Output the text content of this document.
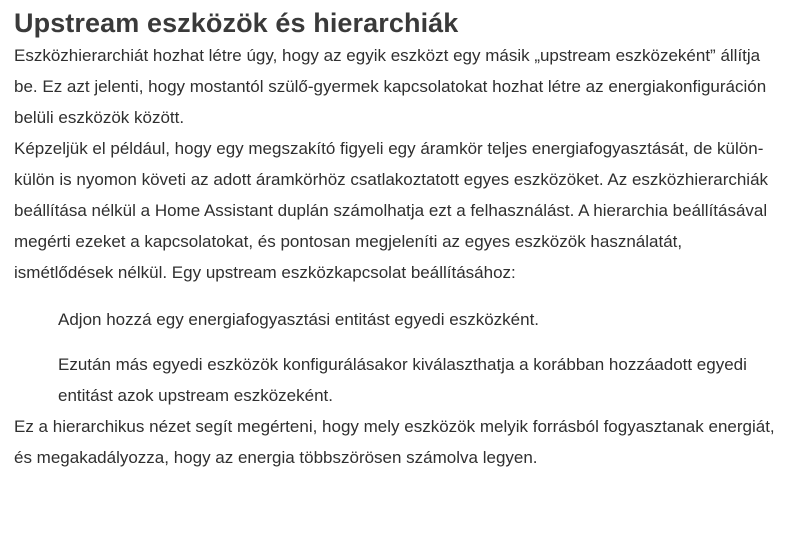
Upstream eszközök és hierarchiák

Eszközhierarchiát hozhat létre úgy, hogy az egyik eszközt egy másik „upstream eszközeként” állítja be. Ez azt jelenti, hogy mostantól szülő-gyermek kapcsolatokat hozhat létre az energiakonfiguráción belüli eszközök között.

Képzeljük el például, hogy egy megszakító figyeli egy áramkör teljes energiafogyasztását, de külön-külön is nyomon követi az adott áramkörhöz csatlakoztatott egyes eszközöket. Az eszközhierarchiák beállítása nélkül a Home Assistant duplán számolhatja ezt a felhasználást. A hierarchia beállításával megérti ezeket a kapcsolatokat, és pontosan megjeleníti az egyes eszközök használatát, ismétlődések nélkül. Egy upstream eszközkapcsolat beállításához:

Adjon hozzá egy energiafogyasztási entitást egyedi eszközként.

Ezután más egyedi eszközök konfigurálásakor kiválaszthatja a korábban hozzáadott egyedi entitást azok upstream eszközeként.

Ez a hierarchikus nézet segít megérteni, hogy mely eszközök melyik forrásból fogyasztanak energiát, és megakadályozza, hogy az energia többszörösen számolva legyen.
